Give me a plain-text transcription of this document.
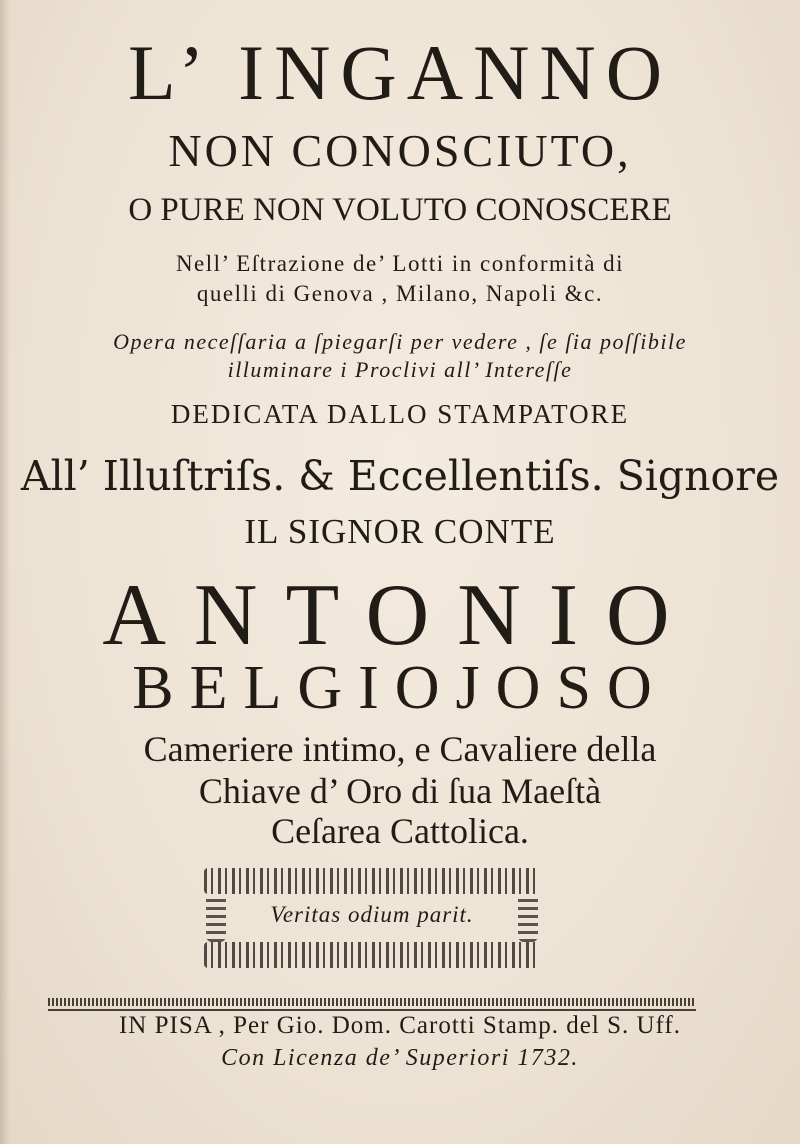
L’ INGANNO
NON CONOSCIUTO,
O PURE NON VOLUTO CONOSCERE
Nell’ Eſtrazione de’ Lotti in conformità di
quelli di Genova , Milano, Napoli &c.
Opera neceſſaria a ſpiegarſi per vedere , ſe ſia poſſibile
illuminare i Proclivi all’ Intereſſe
DEDICATA DALLO STAMPATORE
All’ Illuſtriſs. & Eccellentiſs. Signore
IL SIGNOR CONTE
ANTONIO
BELGIOJOSO
Cameriere intimo, e Cavaliere della
Chiave d’ Oro di ſua Maeſtà
Ceſarea Cattolica.
Veritas odium parit.
IN PISA , Per Gio. Dom. Carotti Stamp. del S. Uff.
Con Licenza de’ Superiori 1732.
